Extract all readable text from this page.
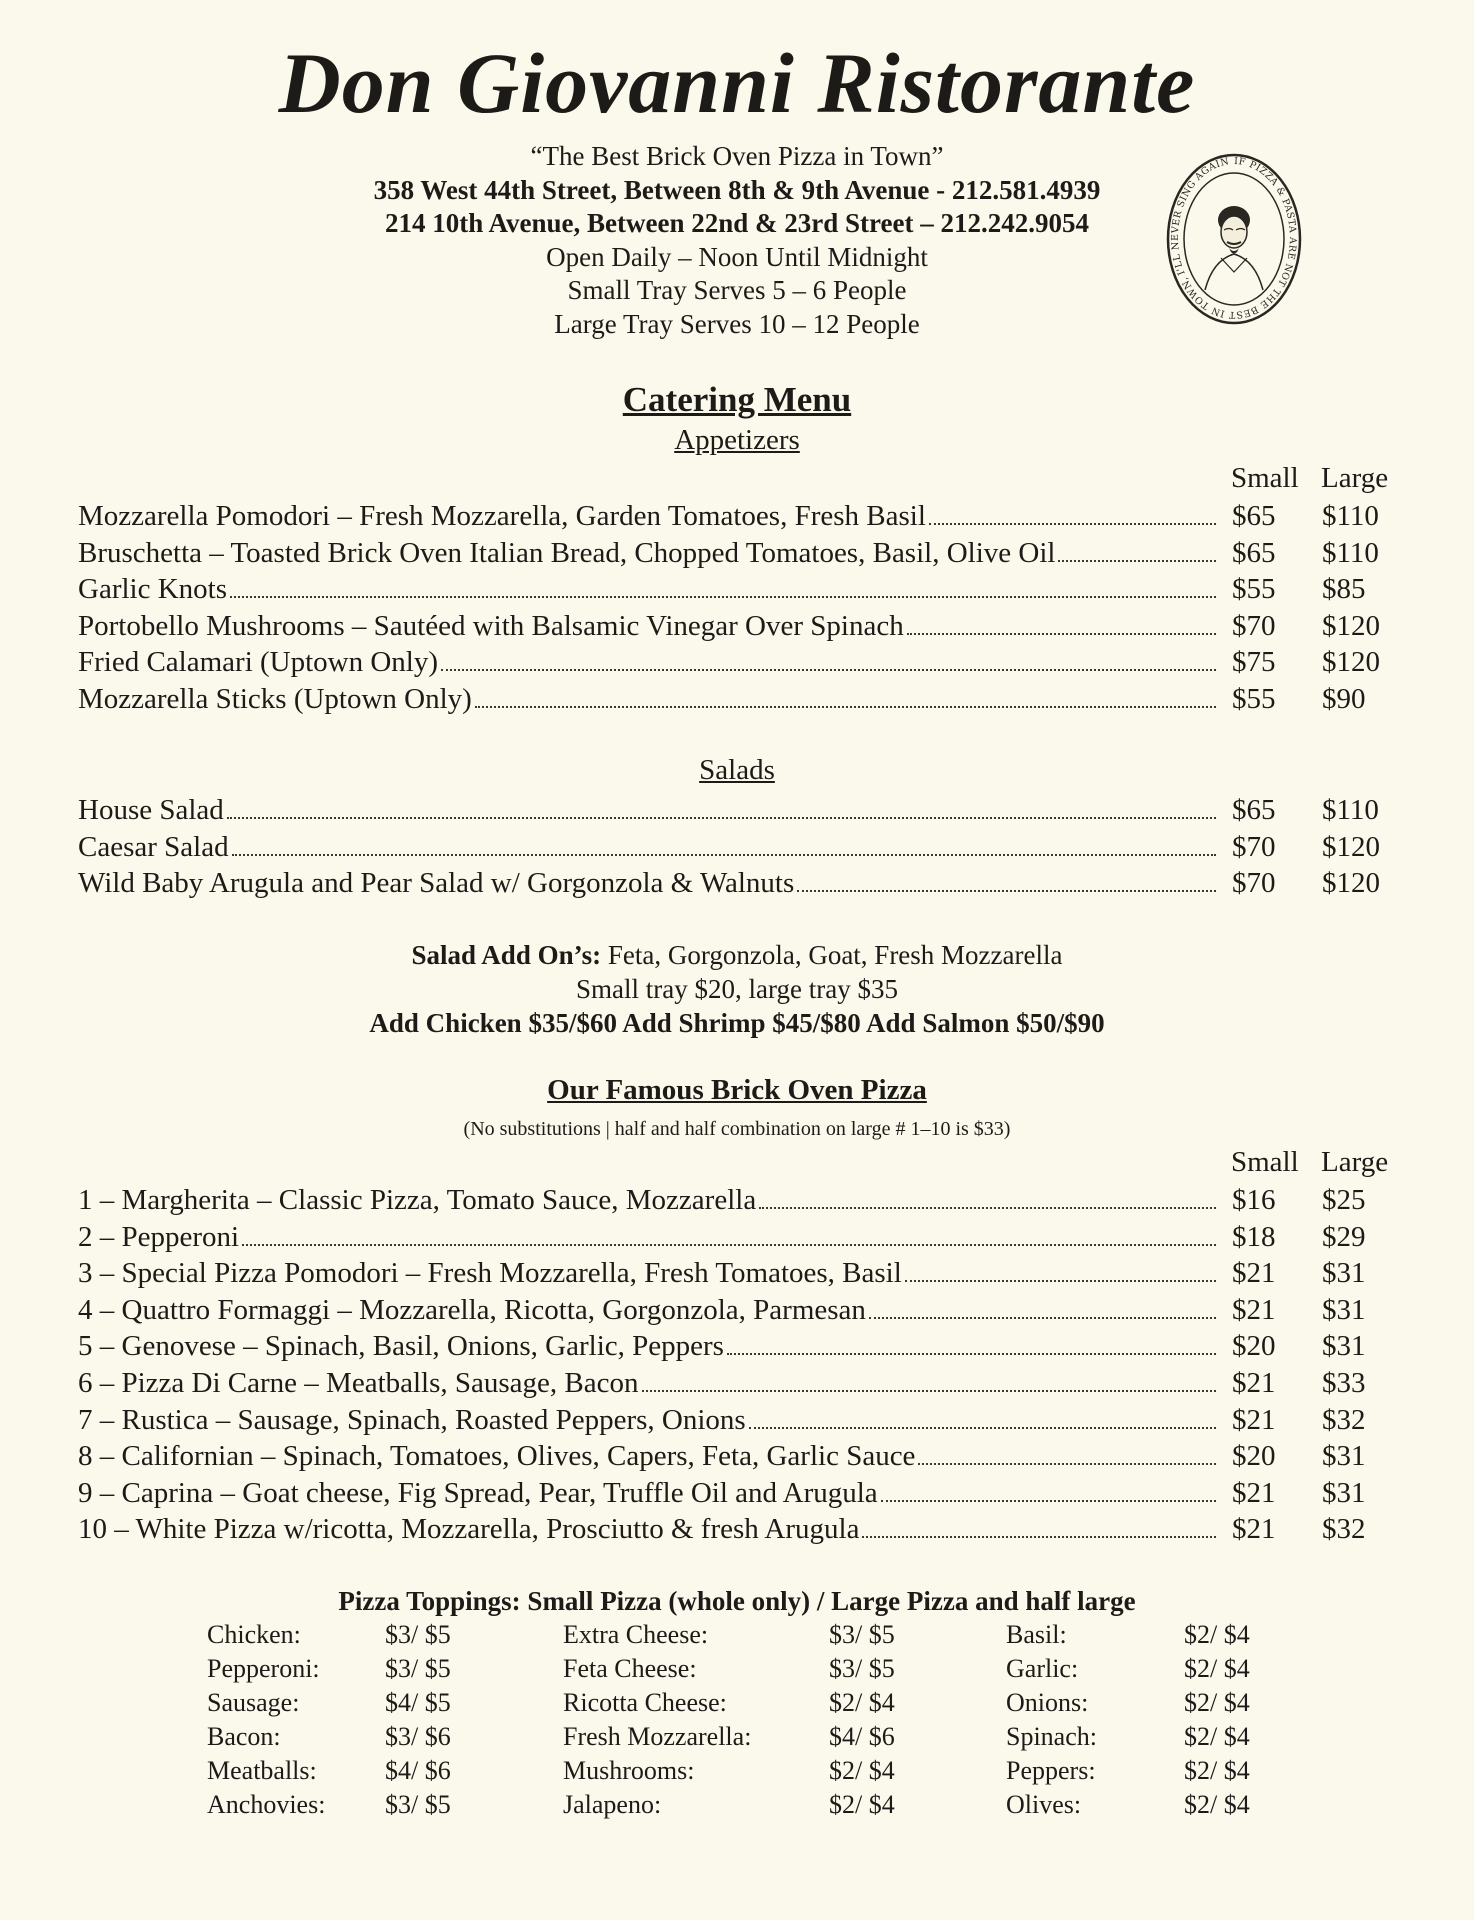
Don Giovanni Ristorante
“The Best Brick Oven Pizza in Town”
358 West 44th Street, Between 8th & 9th Avenue - 212.581.4939
214 10th Avenue, Between 22nd & 23rd Street – 212.242.9054
Open Daily – Noon Until Midnight
Small Tray Serves 5 – 6 People
Large Tray Serves 10 – 12 People
IF PIZZA & PASTA ARE NOT THE BEST IN TOWN, I'LL NEVER SING AGAIN
Catering Menu
Appetizers
Small Large
Mozzarella Pomodori – Fresh Mozzarella, Garden Tomatoes, Fresh Basil	$65 $110
Bruschetta – Toasted Brick Oven Italian Bread, Chopped Tomatoes, Basil, Olive Oil	$65 $110
Garlic Knots	$55 $85
Portobello Mushrooms – Sautéed with Balsamic Vinegar Over Spinach	$70 $120
Fried Calamari (Uptown Only)	$75 $120
Mozzarella Sticks (Uptown Only)	$55 $90
Salads
House Salad	$65 $110
Caesar Salad	$70 $120
Wild Baby Arugula and Pear Salad w/ Gorgonzola & Walnuts	$70 $120
Salad Add On’s: Feta, Gorgonzola, Goat, Fresh Mozzarella
Small tray $20, large tray $35
Add Chicken $35/$60 Add Shrimp $45/$80 Add Salmon $50/$90
Our Famous Brick Oven Pizza
(No substitutions | half and half combination on large # 1–10 is $33)
Small Large
1 – Margherita – Classic Pizza, Tomato Sauce, Mozzarella	$16 $25
2 – Pepperoni	$18 $29
3 – Special Pizza Pomodori – Fresh Mozzarella, Fresh Tomatoes, Basil	$21 $31
4 – Quattro Formaggi – Mozzarella, Ricotta, Gorgonzola, Parmesan	$21 $31
5 – Genovese – Spinach, Basil, Onions, Garlic, Peppers	$20 $31
6 – Pizza Di Carne – Meatballs, Sausage, Bacon	$21 $33
7 – Rustica – Sausage, Spinach, Roasted Peppers, Onions	$21 $32
8 – Californian – Spinach, Tomatoes, Olives, Capers, Feta, Garlic Sauce	$20 $31
9 – Caprina – Goat cheese, Fig Spread, Pear, Truffle Oil and Arugula	$21 $31
10 – White Pizza w/ricotta, Mozzarella, Prosciutto & fresh Arugula	$21 $32
Pizza Toppings: Small Pizza (whole only) / Large Pizza and half large
Chicken:	$3/ $5
Pepperoni:	$3/ $5
Sausage:	$4/ $5
Bacon:	$3/ $6
Meatballs:	$4/ $6
Anchovies: $3/ $5
Extra Cheese:	$3/ $5
Feta Cheese:	$3/ $5
Ricotta Cheese:	$2/ $4
Fresh Mozzarella:	$4/ $6
Mushrooms:	$2/ $4
Jalapeno:	$2/ $4
Basil:	$2/ $4
Garlic:	$2/ $4
Onions:	$2/ $4
Spinach:	$2/ $4
Peppers:	$2/ $4
Olives:	$2/ $4
